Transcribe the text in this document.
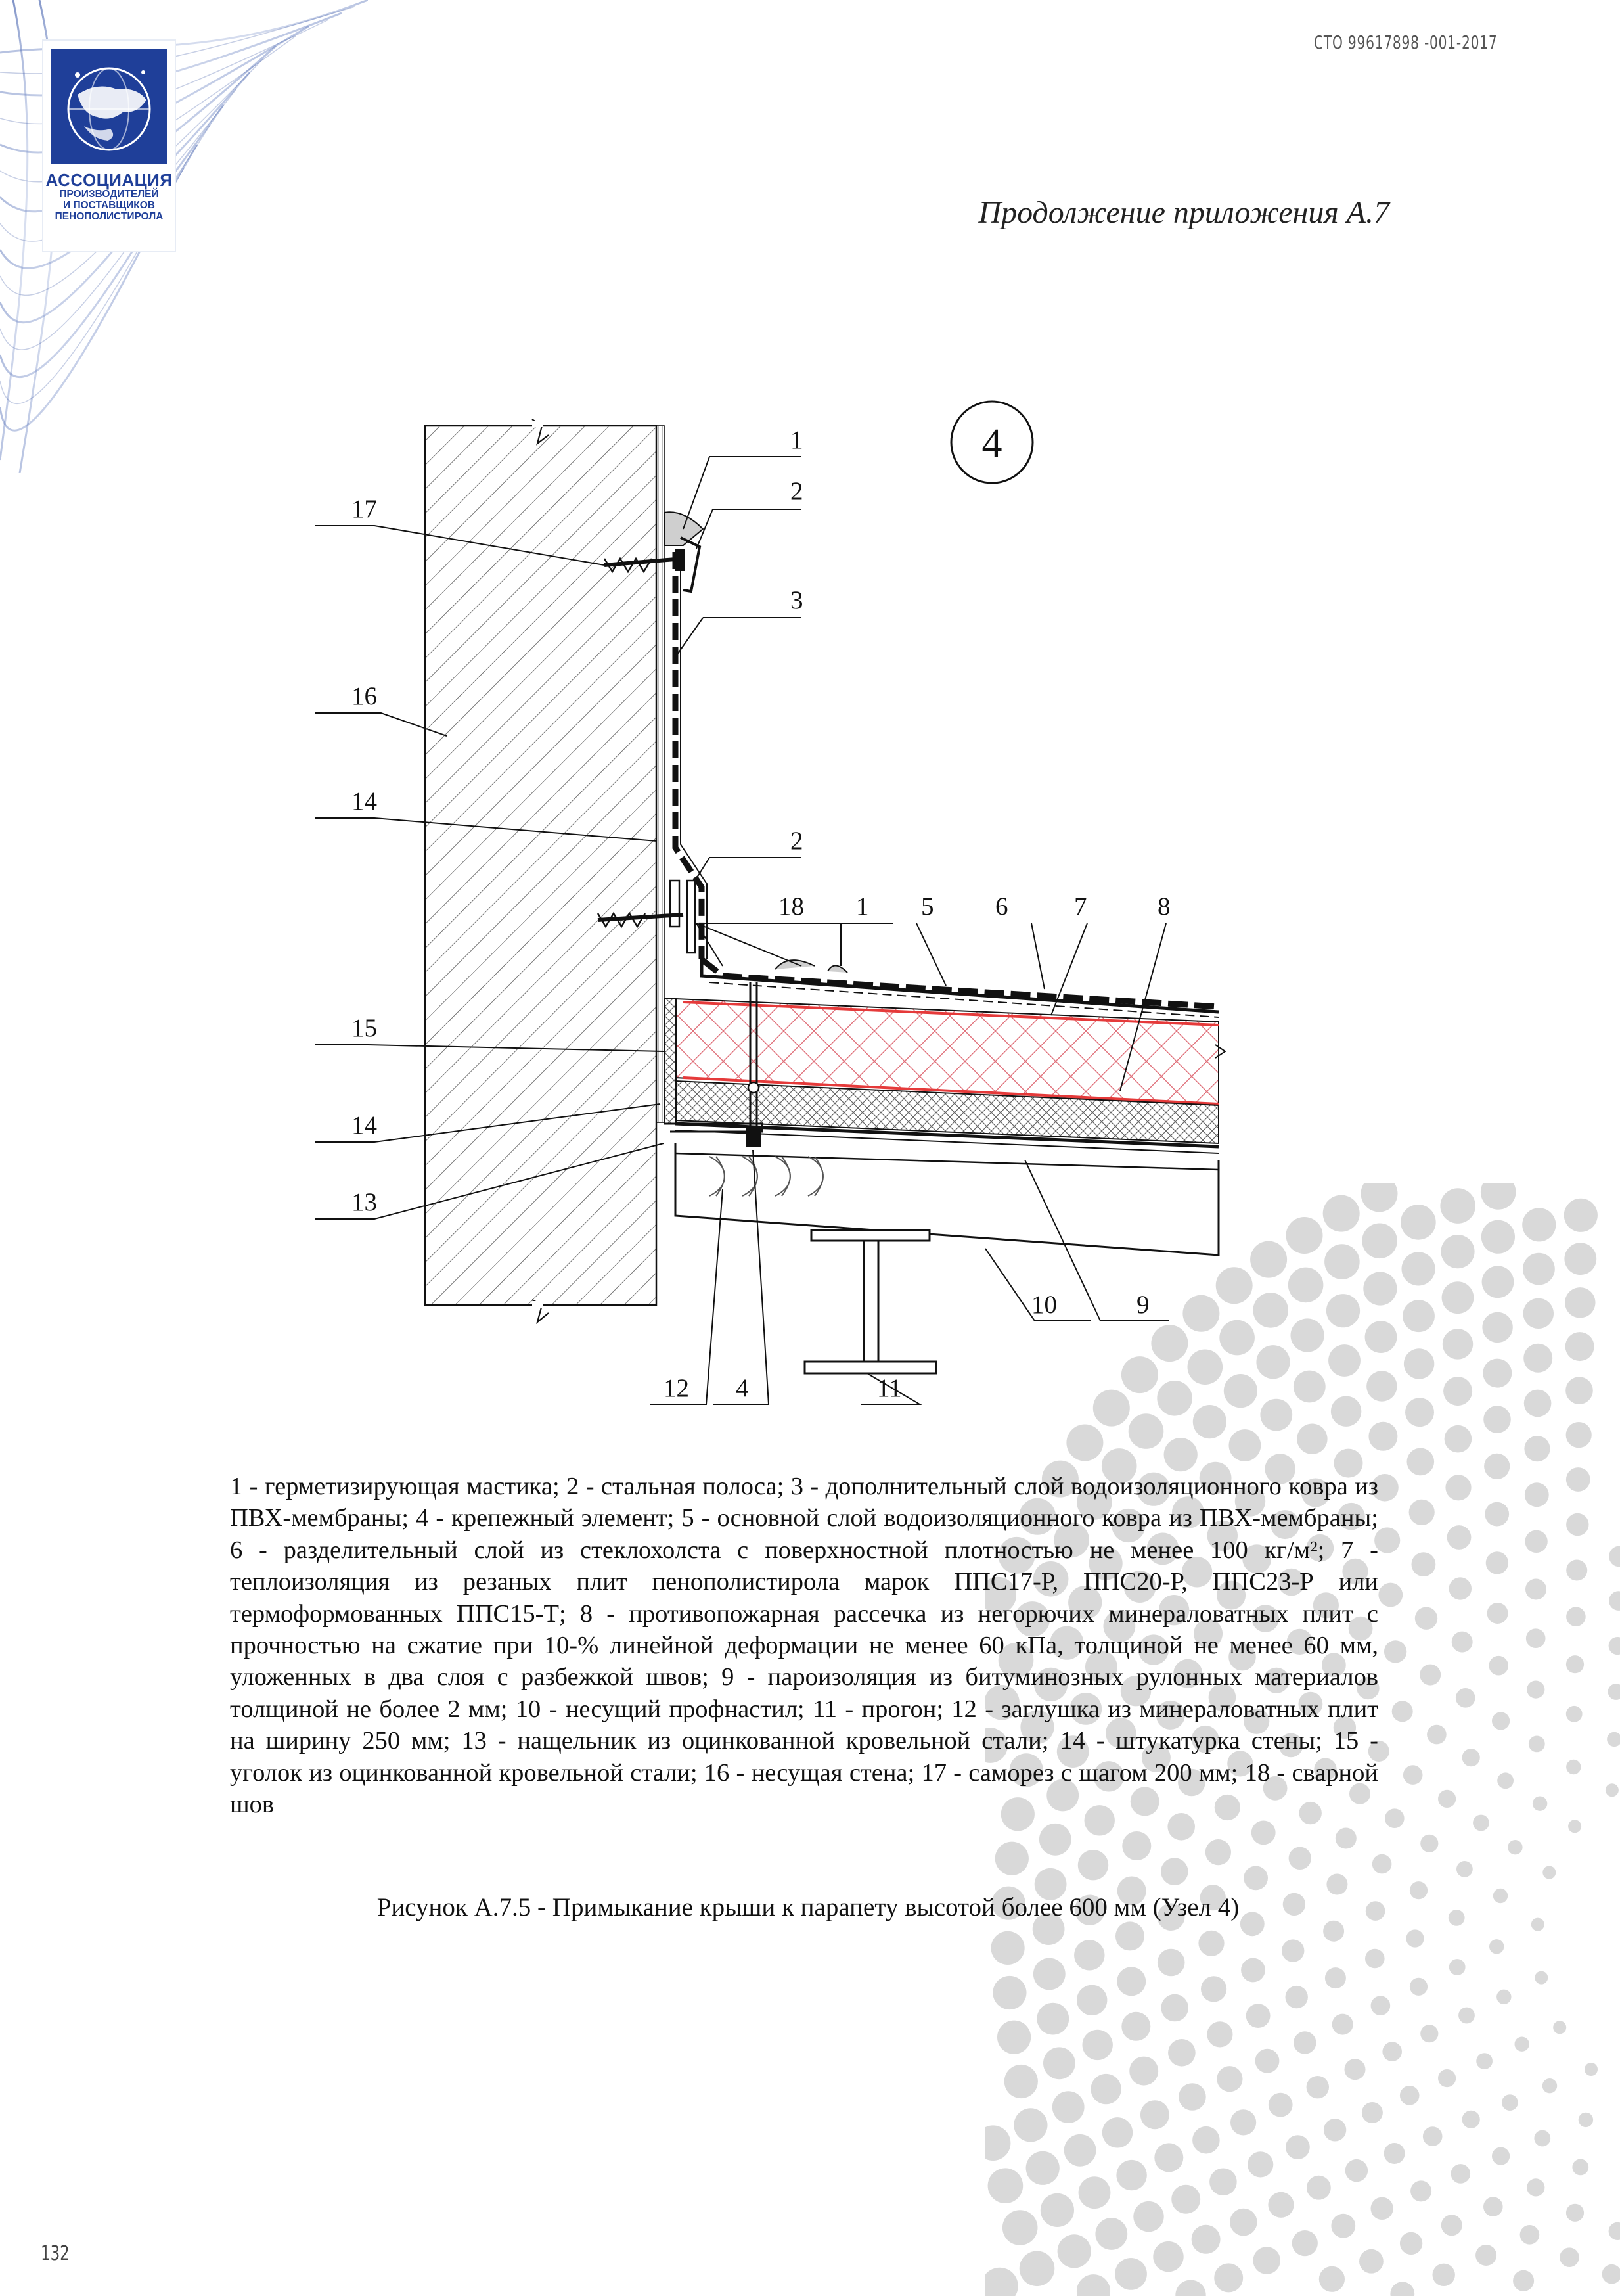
АССОЦИАЦИЯ
ПРОИЗВОДИТЕЛЕЙ
И ПОСТАВЩИКОВ
ПЕНОПОЛИСТИРОЛА
СТО 99617898 -001-2017
Продолжение приложения А.7
4
1
2
3
17
16
14
2
18 1 5 6	7	8
15
14
13
10	9
12 4	11
1 - герметизирующая мастика; 2 - стальная полоса; 3 - дополнительный слой водоизоляционного ковра из ПВХ-мембраны; 4 - крепежный элемент; 5 - основной слой водоизоляционного ковра из ПВХ-мембраны; 6 - разделительный слой из стеклохолста с поверхностной плотностью не менее 100 кг/м²; 7 - теплоизоляция из резаных плит пенополистирола марок ППС17-Р, ППС20-Р, ППС23-Р или термоформованных ППС15-Т; 8 - противопожарная рассечка из негорючих минераловатных плит с прочностью на сжатие при 10-% линейной деформации не менее 60 кПа, толщиной не менее 60 мм, уложенных в два слоя с разбежкой швов; 9 - пароизоляция из битуминозных рулонных материалов толщиной не более 2 мм; 10 - несущий профнастил; 11 - прогон; 12 - заглушка из минераловатных плит на ширину 250 мм; 13 - нащельник из оцинкованной кровельной стали; 14 - штукатурка стены; 15 - уголок из оцинкованной кровельной стали; 16 - несущая стена; 17 - саморез с шагом 200 мм; 18 - сварной шов
Рисунок А.7.5 - Примыкание крыши к парапету высотой более 600 мм (Узел 4)
132
